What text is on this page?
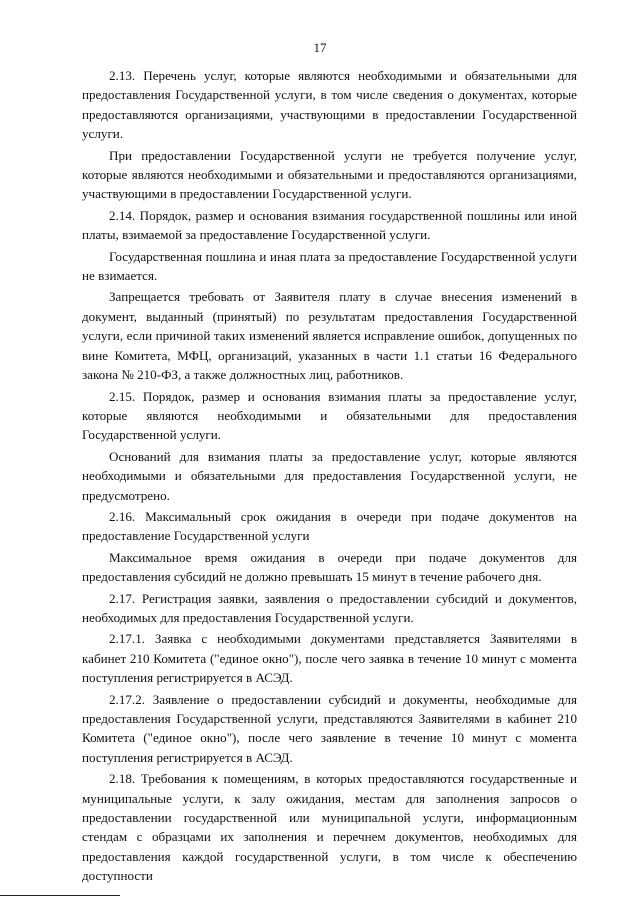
17

2.13. Перечень услуг, которые являются необходимыми и обязательными для предоставления Государственной услуги, в том числе сведения о документах, которые предоставляются организациями, участвующими в предоставлении Государственной услуги.

При предоставлении Государственной услуги не требуется получение услуг, которые являются необходимыми и обязательными и предоставляются организациями, участвующими в предоставлении Государственной услуги.

2.14. Порядок, размер и основания взимания государственной пошлины или иной платы, взимаемой за предоставление Государственной услуги.

Государственная пошлина и иная плата за предоставление Государственной услуги не взимается.

Запрещается требовать от Заявителя плату в случае внесения изменений в документ, выданный (принятый) по результатам предоставления Государственной услуги, если причиной таких изменений является исправление ошибок, допущенных по вине Комитета, МФЦ, организаций, указанных в части 1.1 статьи 16 Федерального закона № 210-ФЗ, а также должностных лиц, работников.

2.15. Порядок, размер и основания взимания платы за предоставление услуг, которые являются необходимыми и обязательными для предоставления Государственной услуги.

Оснований для взимания платы за предоставление услуг, которые являются необходимыми и обязательными для предоставления Государственной услуги, не предусмотрено.

2.16. Максимальный срок ожидания в очереди при подаче документов на предоставление Государственной услуги

Максимальное время ожидания в очереди при подаче документов для предоставления субсидий не должно превышать 15 минут в течение рабочего дня.

2.17. Регистрация заявки, заявления о предоставлении субсидий и документов, необходимых для предоставления Государственной услуги.

2.17.1. Заявка с необходимыми документами представляется Заявителями в кабинет 210 Комитета ("единое окно"), после чего заявка в течение 10 минут с момента поступления регистрируется в АСЭД.

2.17.2. Заявление о предоставлении субсидий и документы, необходимые для предоставления Государственной услуги, представляются Заявителями в кабинет 210 Комитета ("единое окно"), после чего заявление в течение 10 минут с момента поступления регистрируется в АСЭД.

2.18. Требования к помещениям, в которых предоставляются государственные и муниципальные услуги, к залу ожидания, местам для заполнения запросов о предоставлении государственной или муниципальной услуги, информационным стендам с образцами их заполнения и перечнем документов, необходимых для предоставления каждой государственной услуги, в том числе к обеспечению доступности
